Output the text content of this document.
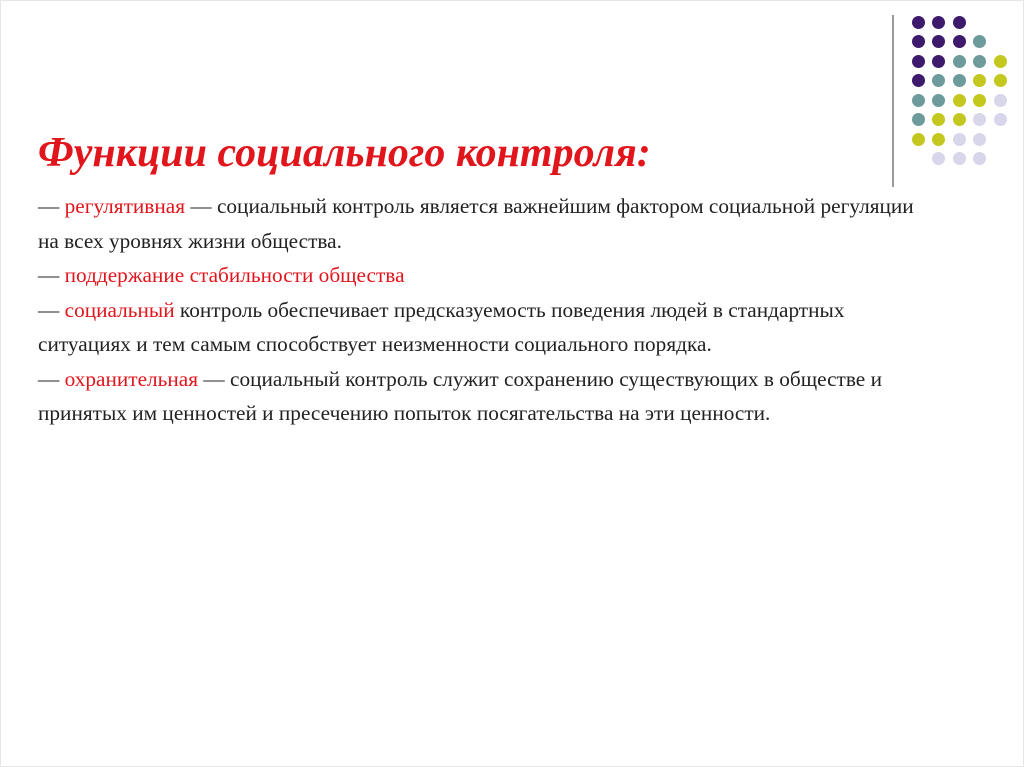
Функции социального контроля:

— регулятивная — социальный контроль является важнейшим фактором социальной регуляции на всех уровнях жизни общества.

— поддержание стабильности общества

— социальный контроль обеспечивает предсказуемость поведения людей в стандартных ситуациях и тем самым способствует неизменности социального порядка.

— охранительная — социальный контроль служит сохранению существующих в обществе и принятых им ценностей и пресечению попыток посягательства на эти ценности.
